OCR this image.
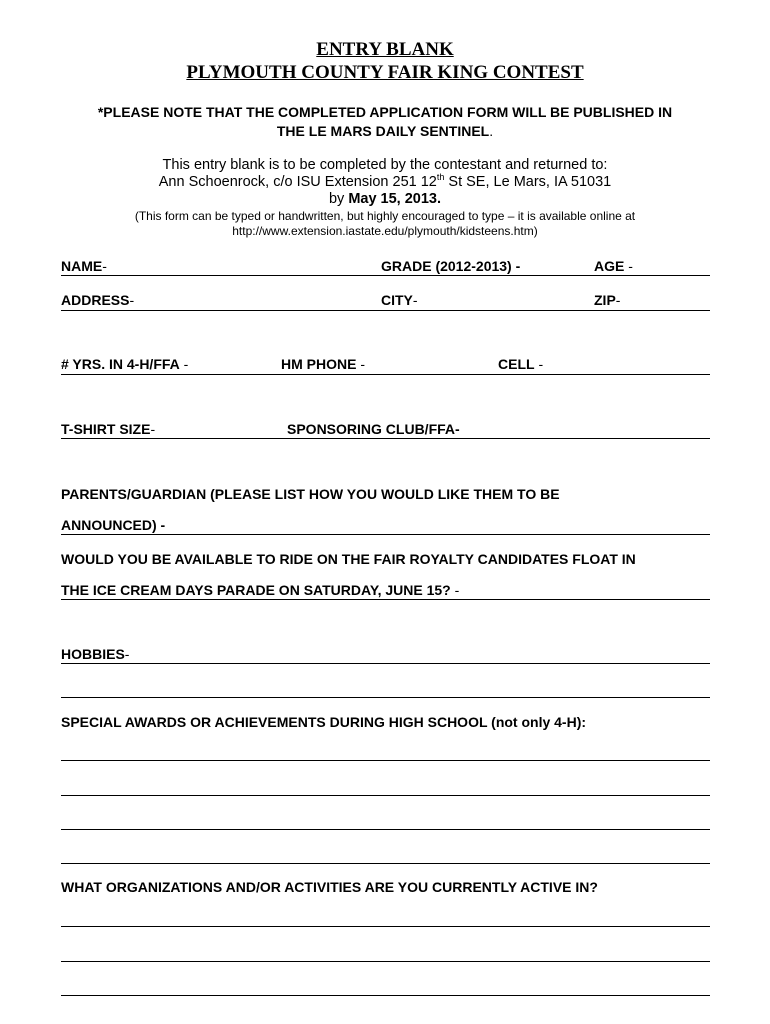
ENTRY BLANK
PLYMOUTH COUNTY FAIR KING CONTEST
*PLEASE NOTE THAT THE COMPLETED APPLICATION FORM WILL BE PUBLISHED IN
THE LE MARS DAILY SENTINEL.
This entry blank is to be completed by the contestant and returned to:
Ann Schoenrock, c/o ISU Extension 251 12th St SE, Le Mars, IA 51031
by May 15, 2013.
(This form can be typed or handwritten, but highly encouraged to type – it is available online at
http://www.extension.iastate.edu/plymouth/kidsteens.htm)
NAME-	GRADE (2012-2013) -	AGE -
ADDRESS-	CITY-	ZIP-
# YRS. IN 4-H/FFA -	HM PHONE -	CELL -
T-SHIRT SIZE-	SPONSORING CLUB/FFA-
PARENTS/GUARDIAN (PLEASE LIST HOW YOU WOULD LIKE THEM TO BE
ANNOUNCED) -
WOULD YOU BE AVAILABLE TO RIDE ON THE FAIR ROYALTY CANDIDATES FLOAT IN
THE ICE CREAM DAYS PARADE ON SATURDAY, JUNE 15? -
HOBBIES-
SPECIAL AWARDS OR ACHIEVEMENTS DURING HIGH SCHOOL (not only 4-H):
WHAT ORGANIZATIONS AND/OR ACTIVITIES ARE YOU CURRENTLY ACTIVE IN?
